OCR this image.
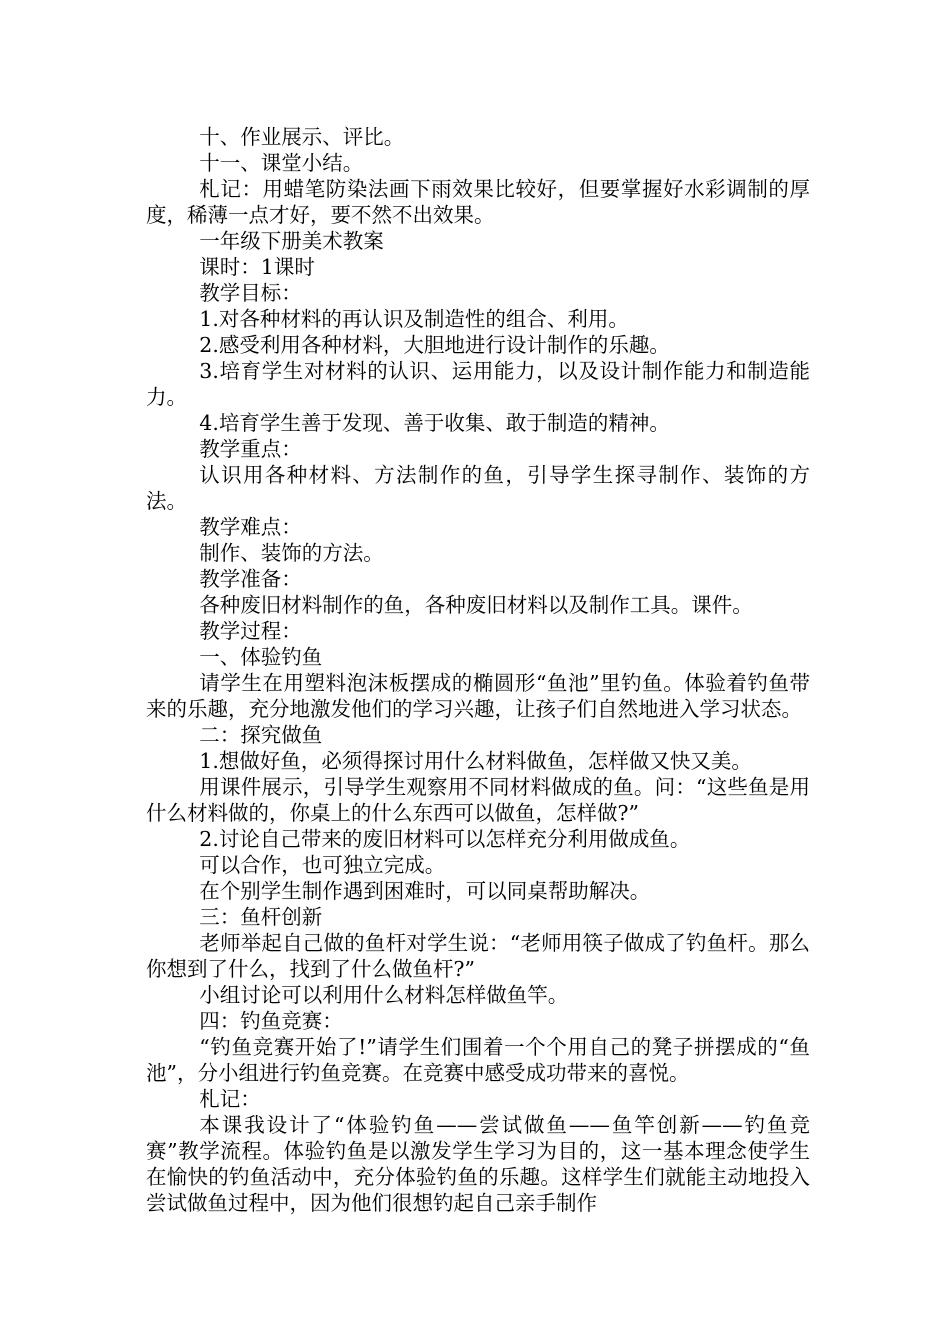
十、作业展示、评比。

十一、课堂小结。

札记：用蜡笔防染法画下雨效果比较好，但要掌握好水彩调制的厚度，稀薄一点才好，要不然不出效果。

一年级下册美术教案

课时：1课时

教学目标：

1.对各种材料的再认识及制造性的组合、利用。

2.感受利用各种材料，大胆地进行设计制作的乐趣。

3.培育学生对材料的认识、运用能力，以及设计制作能力和制造能力。

4.培育学生善于发现、善于收集、敢于制造的精神。

教学重点：

认识用各种材料、方法制作的鱼，引导学生探寻制作、装饰的方法。

教学难点：

制作、装饰的方法。

教学准备：

各种废旧材料制作的鱼，各种废旧材料以及制作工具。课件。

教学过程：

一、体验钓鱼

请学生在用塑料泡沫板摆成的椭圆形“鱼池”里钓鱼。体验着钓鱼带来的乐趣，充分地激发他们的学习兴趣，让孩子们自然地进入学习状态。

二：探究做鱼

1.想做好鱼，必须得探讨用什么材料做鱼，怎样做又快又美。

用课件展示，引导学生观察用不同材料做成的鱼。问：“这些鱼是用什么材料做的，你桌上的什么东西可以做鱼，怎样做?”

2.讨论自己带来的废旧材料可以怎样充分利用做成鱼。

可以合作，也可独立完成。

在个别学生制作遇到困难时，可以同桌帮助解决。

三：鱼杆创新

老师举起自己做的鱼杆对学生说：“老师用筷子做成了钓鱼杆。那么你想到了什么，找到了什么做鱼杆?”

小组讨论可以利用什么材料怎样做鱼竿。

四：钓鱼竞赛：

“钓鱼竞赛开始了!”请学生们围着一个个用自己的凳子拼摆成的“鱼池”，分小组进行钓鱼竞赛。在竞赛中感受成功带来的喜悦。

札记：

本课我设计了“体验钓鱼——尝试做鱼——鱼竿创新——钓鱼竞赛”教学流程。体验钓鱼是以激发学生学习为目的，这一基本理念使学生在愉快的钓鱼活动中，充分体验钓鱼的乐趣。这样学生们就能主动地投入尝试做鱼过程中，因为他们很想钓起自己亲手制作
